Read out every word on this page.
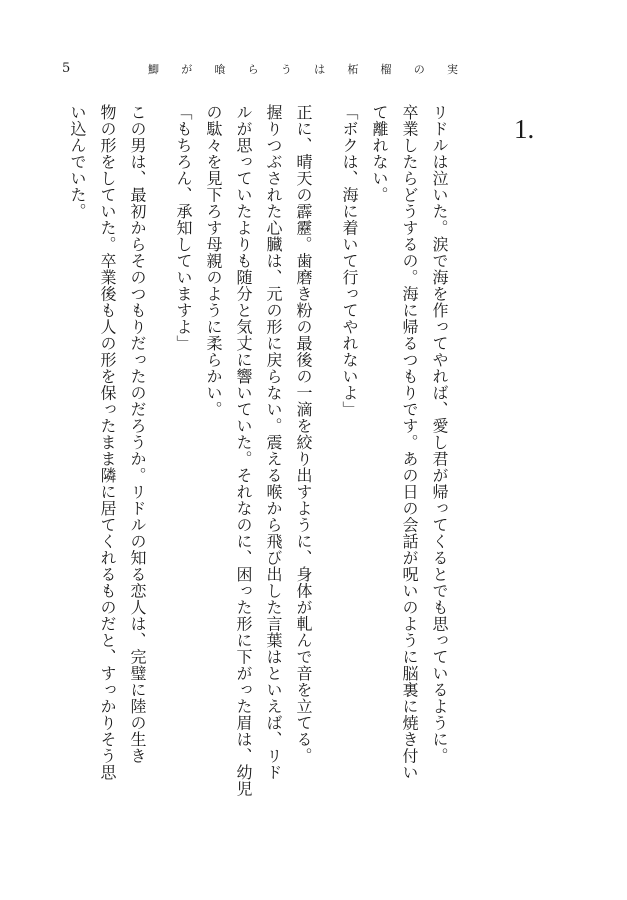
5	鯽 が 喰 ら う は 柘 榴 の 実
1.
リドルは泣いた。涙で海を作ってやれば、愛し君が帰ってくるとでも思っているように。
卒業したらどうするの。海に帰るつもりです。あの日の会話が呪いのように脳裏に焼き付い
て離れない。
「ボクは、海に着いて行ってやれないよ」
正に、晴天の霹靂。歯磨き粉の最後の一滴を絞り出すように、身体が軋んで音を立てる。
握りつぶされた心臓は、元の形に戻らない。震える喉から飛び出した言葉はといえば、リド
ルが思っていたよりも随分と気丈に響いていた。それなのに、困った形に下がった眉は、幼児
の駄々を見下ろす母親のように柔らかい。
「もちろん、承知していますよ」
この男は、最初からそのつもりだったのだろうか。リドルの知る恋人は、完璧に陸の生き
物の形をしていた。卒業後も人の形を保ったまま隣に居てくれるものだと、すっかりそう思
い込んでいた。
